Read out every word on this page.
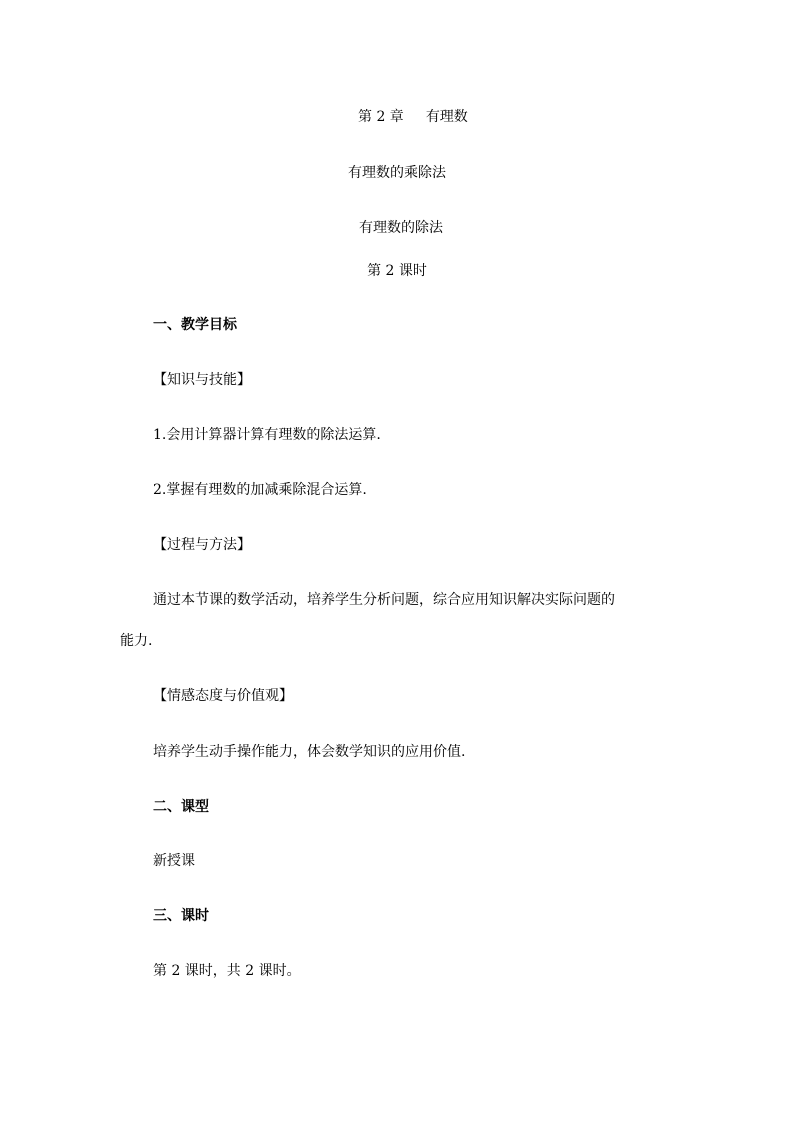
第 2 章 有理数
有理数的乘除法
有理数的除法
第 2 课时
一、教学目标
【知识与技能】
1.会用计算器计算有理数的除法运算.
2.掌握有理数的加减乘除混合运算.
【过程与方法】
通过本节课的数学活动，培养学生分析问题，综合应用知识解决实际问题的
能力.
【情感态度与价值观】
培养学生动手操作能力，体会数学知识的应用价值.
二、课型
新授课
三、课时
第 2 课时，共 2 课时。
